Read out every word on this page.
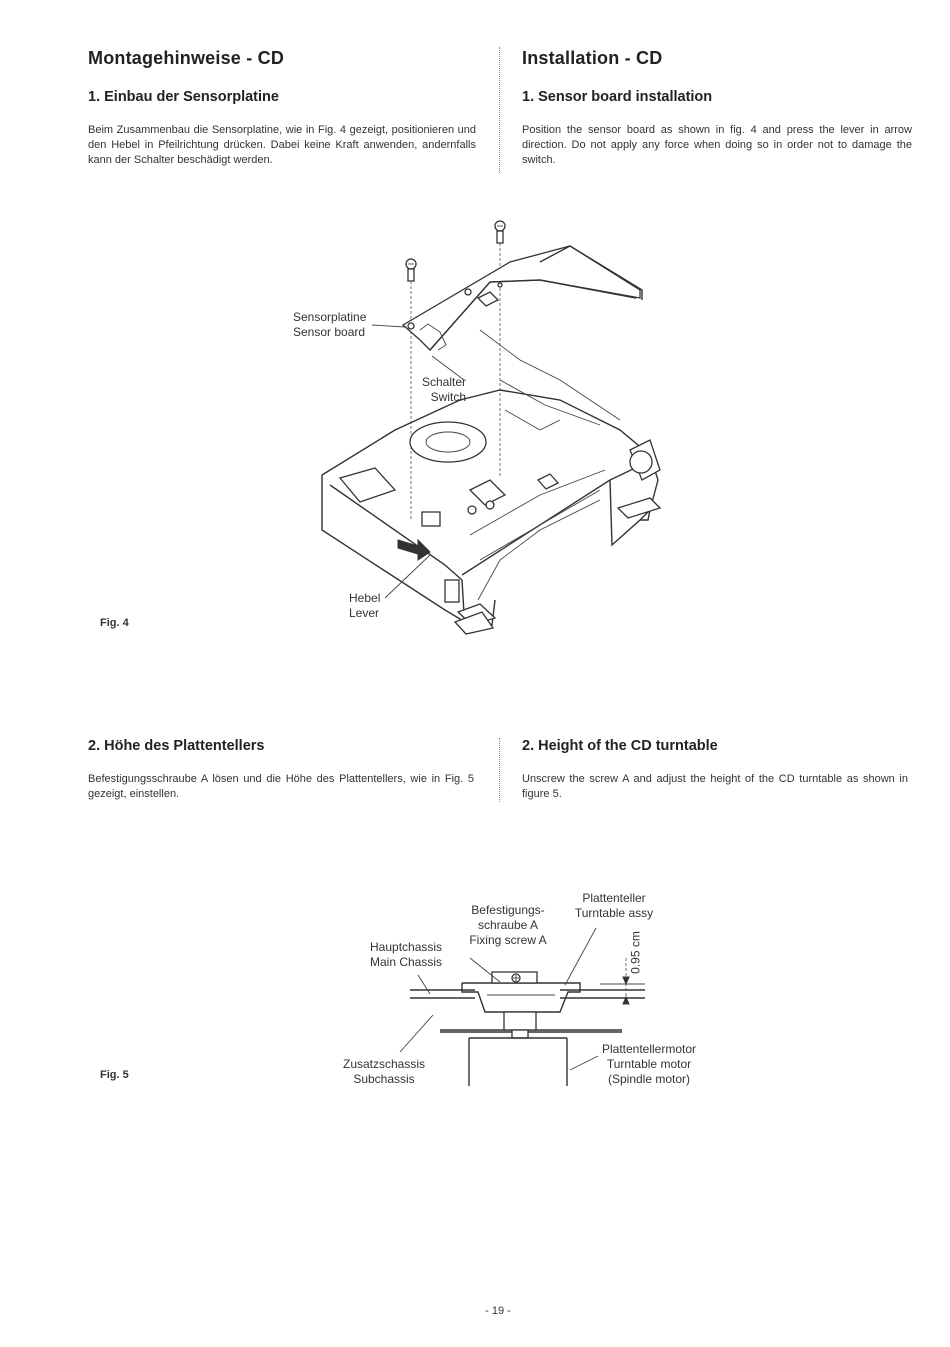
Montagehinweise - CD	Installation - CD
1. Einbau der Sensorplatine	1. Sensor board installation
Beim Zusammenbau die Sensorplatine, wie in Fig. 4 gezeigt, positionieren und den Hebel in Pfeilrichtung drücken. Dabei keine Kraft anwenden, andernfalls kann der Schalter beschädigt werden.
Position the sensor board as shown in fig. 4 and press the lever in arrow direction. Do not apply any force when doing so in order not to damage the switch.
Sensorplatine
Sensor board
Schalter
Switch
Hebel
Lever
Fig. 4
2. Höhe des Plattentellers	2. Height of the CD turntable
Befestigungsschraube A lösen und die Höhe des Plattentellers, wie in Fig. 5 gezeigt, einstellen.
Unscrew the screw A and adjust the height of the CD turntable as shown in figure 5.
Plattenteller
Turntable assy
Befestigungs-
schraube A
Fixing screw A
Hauptchassis
Main Chassis	0.95 cm
Zusatzschassis
Subchassis
Plattentellermotor
Turntable motor
(Spindle motor)
Fig. 5
- 19 -
